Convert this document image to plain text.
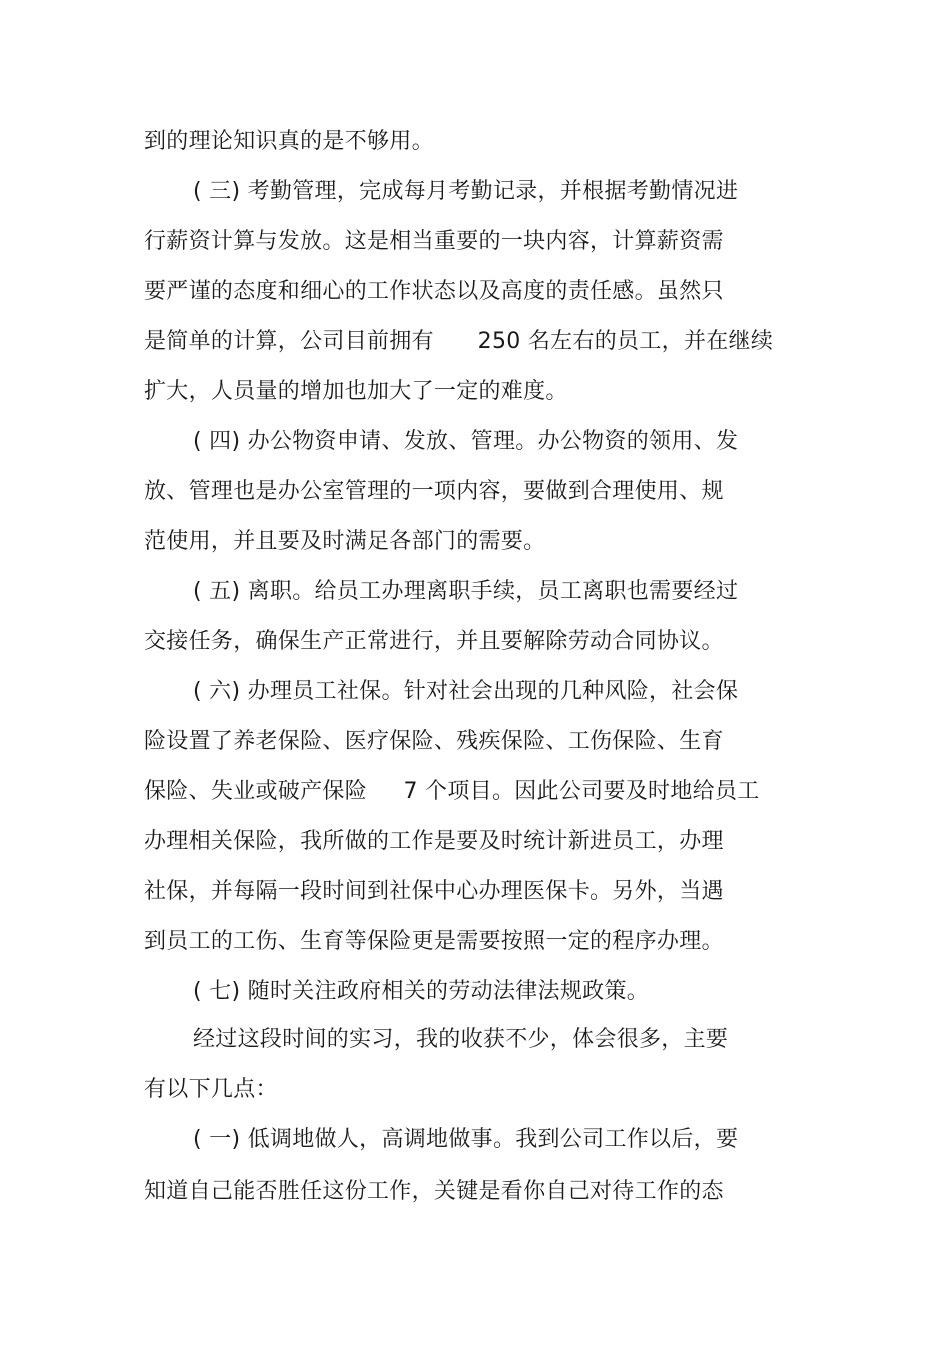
到的理论知识真的是不够用。
( 三) 考勤管理，完成每月考勤记录，并根据考勤情况进
行薪资计算与发放。这是相当重要的一块内容，计算薪资需
要严谨的态度和细心的工作状态以及高度的责任感。虽然只
是简单的计算，公司目前拥有      250 名左右的员工，并在继续
扩大，人员量的增加也加大了一定的难度。
( 四) 办公物资申请、发放、管理。办公物资的领用、发
放、管理也是办公室管理的一项内容，要做到合理使用、规
范使用，并且要及时满足各部门的需要。
( 五) 离职。给员工办理离职手续，员工离职也需要经过
交接任务，确保生产正常进行，并且要解除劳动合同协议。
( 六) 办理员工社保。针对社会出现的几种风险，社会保
险设置了养老保险、医疗保险、残疾保险、工伤保险、生育
保险、失业或破产保险     7 个项目。因此公司要及时地给员工
办理相关保险，我所做的工作是要及时统计新进员工，办理
社保，并每隔一段时间到社保中心办理医保卡。另外，当遇
到员工的工伤、生育等保险更是需要按照一定的程序办理。
( 七) 随时关注政府相关的劳动法律法规政策。
经过这段时间的实习，我的收获不少，体会很多，主要
有以下几点：
( 一) 低调地做人，高调地做事。我到公司工作以后，要
知道自己能否胜任这份工作，关键是看你自己对待工作的态
